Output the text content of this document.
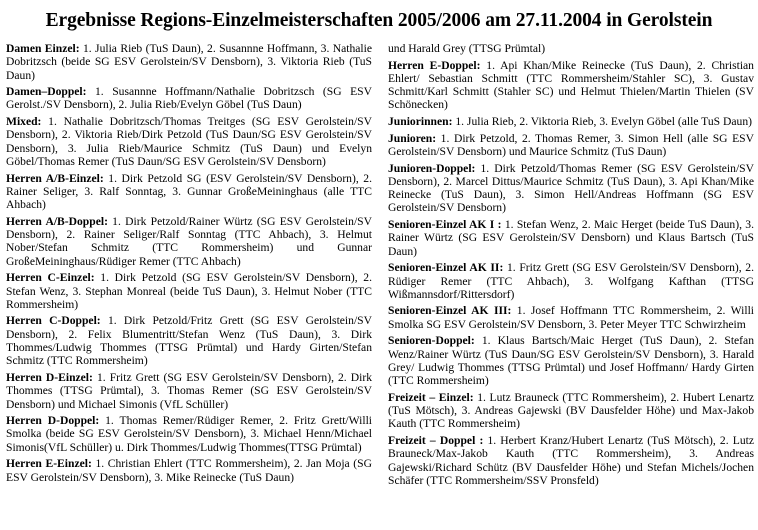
Ergebnisse Regions-Einzelmeisterschaften 2005/2006 am 27.11.2004 in Gerolstein

Damen Einzel: 1. Julia Rieb (TuS Daun), 2. Susannne Hoffmann, 3. Nathalie Dobritzsch (beide SG ESV Gerolstein/SV Densborn), 3. Viktoria Rieb (TuS Daun)

Damen–Doppel: 1. Susannne Hoffmann/Nathalie Dobritzsch (SG ESV Gerolst./SV Densborn), 2. Julia Rieb/Evelyn Göbel (TuS Daun)

Mixed: 1. Nathalie Dobritzsch/Thomas Treitges (SG ESV Gerolstein/SV Densborn), 2. Viktoria Rieb/Dirk Petzold (TuS Daun/SG ESV Gerolstein/SV Densborn), 3. Julia Rieb/Maurice Schmitz (TuS Daun) und Evelyn Göbel/Thomas Remer (TuS Daun/SG ESV Gerolstein/SV Densborn)

Herren A/B-Einzel: 1. Dirk Petzold SG (ESV Gerolstein/SV Densborn), 2. Rainer Seliger, 3. Ralf Sonntag, 3. Gunnar GroßeMeininghaus (alle TTC Ahbach)

Herren A/B-Doppel: 1. Dirk Petzold/Rainer Würtz (SG ESV Gerolstein/SV Densborn), 2. Rainer Seliger/Ralf Sonntag (TTC Ahbach), 3. Helmut Nober/Stefan Schmitz (TTC Rommersheim) und Gunnar GroßeMeininghaus/Rüdiger Remer (TTC Ahbach)

Herren C-Einzel: 1. Dirk Petzold (SG ESV Gerolstein/SV Densborn), 2. Stefan Wenz, 3. Stephan Monreal (beide TuS Daun), 3. Helmut Nober (TTC Rommersheim)

Herren C-Doppel: 1. Dirk Petzold/Fritz Grett (SG ESV Gerolstein/SV Densborn), 2. Felix Blumentritt/Stefan Wenz (TuS Daun), 3. Dirk Thommes/Ludwig Thommes (TTSG Prümtal) und Hardy Girten/Stefan Schmitz (TTC Rommersheim)

Herren D-Einzel: 1. Fritz Grett (SG ESV Gerolstein/SV Densborn), 2. Dirk Thommes (TTSG Prümtal), 3. Thomas Remer (SG ESV Gerolstein/SV Densborn) und Michael Simonis (VfL Schüller)

Herren D-Doppel: 1. Thomas Remer/Rüdiger Remer, 2. Fritz Grett/Willi Smolka (beide SG ESV Gerolstein/SV Densborn), 3. Michael Henn/Michael Simonis(VfL Schüller) u. Dirk Thommes/Ludwig Thommes(TTSG Prümtal)

Herren E-Einzel: 1. Christian Ehlert (TTC Rommersheim), 2. Jan Moja (SG ESV Gerolstein/SV Densborn), 3. Mike Reinecke (TuS Daun)

und Harald Grey (TTSG Prümtal)

Herren E-Doppel: 1. Api Khan/Mike Reinecke (TuS Daun), 2. Christian Ehlert/ Sebastian Schmitt (TTC Rommersheim/Stahler SC), 3. Gustav Schmitt/Karl Schmitt (Stahler SC) und Helmut Thielen/Martin Thielen (SV Schönecken)

Juniorinnen: 1. Julia Rieb, 2. Viktoria Rieb, 3. Evelyn Göbel (alle TuS Daun)

Junioren: 1. Dirk Petzold, 2. Thomas Remer, 3. Simon Hell (alle SG ESV Gerolstein/SV Densborn) und Maurice Schmitz (TuS Daun)

Junioren-Doppel: 1. Dirk Petzold/Thomas Remer (SG ESV Gerolstein/SV Densborn), 2. Marcel Dittus/Maurice Schmitz (TuS Daun), 3. Api Khan/Mike Reinecke (TuS Daun), 3. Simon Hell/Andreas Hoffmann (SG ESV Gerolstein/SV Densborn)

Senioren-Einzel AK I : 1. Stefan Wenz, 2. Maic Herget (beide TuS Daun), 3. Rainer Würtz (SG ESV Gerolstein/SV Densborn) und Klaus Bartsch (TuS Daun)

Senioren-Einzel AK II: 1. Fritz Grett (SG ESV Gerolstein/SV Densborn), 2. Rüdiger Remer (TTC Ahbach), 3. Wolfgang Kafthan (TTSG Wißmannsdorf/Rittersdorf)

Senioren-Einzel AK III: 1. Josef Hoffmann TTC Rommersheim, 2. Willi Smolka SG ESV Gerolstein/SV Densborn, 3. Peter Meyer TTC Schwirzheim

Senioren-Doppel: 1. Klaus Bartsch/Maic Herget (TuS Daun), 2. Stefan Wenz/Rainer Würtz (TuS Daun/SG ESV Gerolstein/SV Densborn), 3. Harald Grey/ Ludwig Thommes (TTSG Prümtal) und Josef Hoffmann/ Hardy Girten (TTC Rommersheim)

Freizeit – Einzel: 1. Lutz Brauneck (TTC Rommersheim), 2. Hubert Lenartz (TuS Mötsch), 3. Andreas Gajewski (BV Dausfelder Höhe) und Max-Jakob Kauth (TTC Rommersheim)

Freizeit – Doppel : 1. Herbert Kranz/Hubert Lenartz (TuS Mötsch), 2. Lutz Brauneck/Max-Jakob Kauth (TTC Rommersheim), 3. Andreas Gajewski/Richard Schütz (BV Dausfelder Höhe) und Stefan Michels/Jochen Schäfer (TTC Rommersheim/SSV Pronsfeld)
